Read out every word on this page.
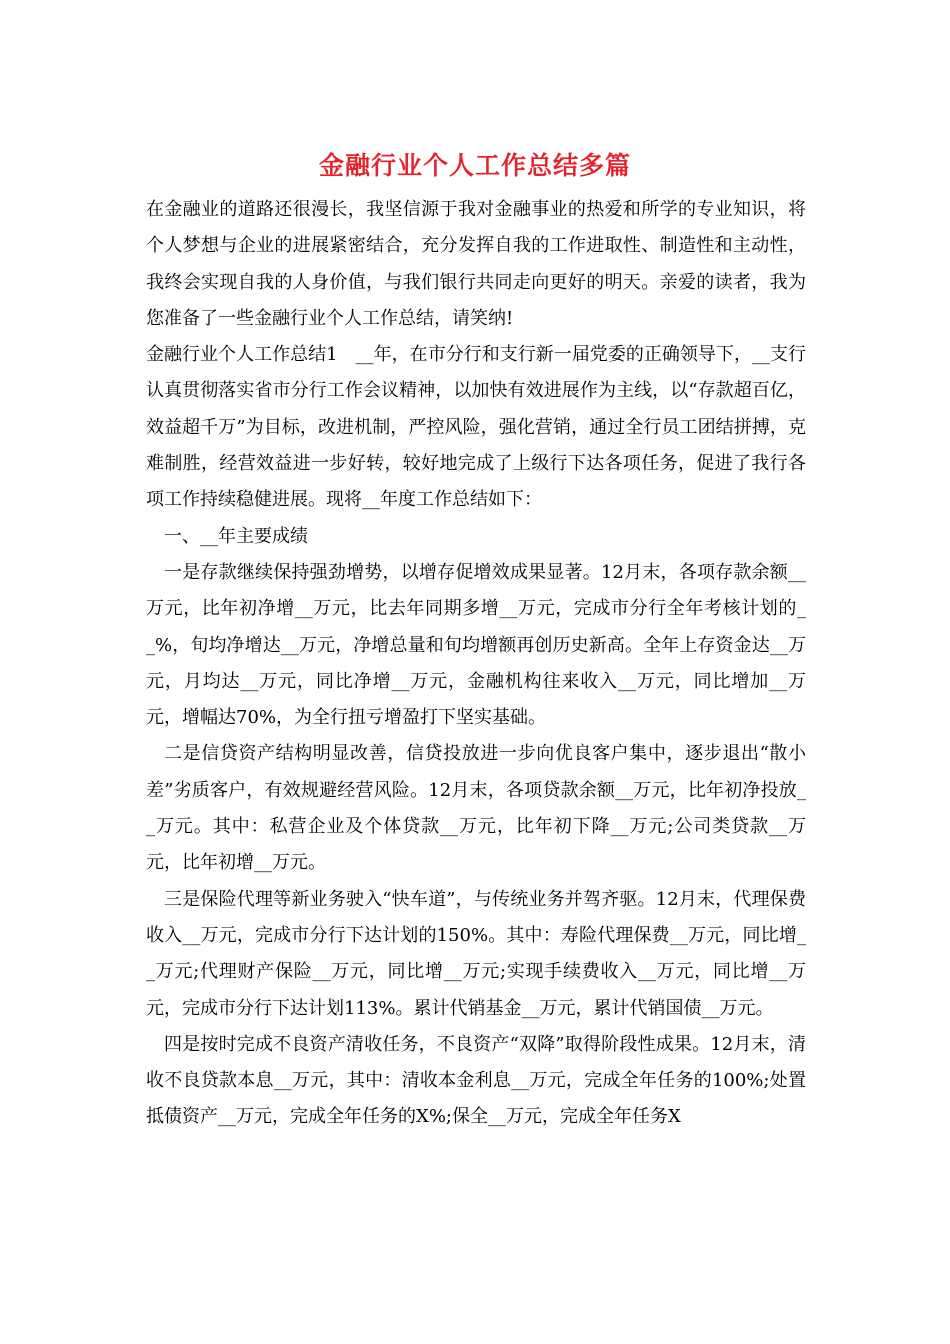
金融行业个人工作总结多篇

在金融业的道路还很漫长，我坚信源于我对金融事业的热爱和所学的专业知识，将个人梦想与企业的进展紧密结合，充分发挥自我的工作进取性、制造性和主动性，我终会实现自我的人身价值，与我们银行共同走向更好的明天。亲爱的读者，我为您准备了一些金融行业个人工作总结，请笑纳!

金融行业个人工作总结1　__年，在市分行和支行新一届党委的正确领导下，__支行认真贯彻落实省市分行工作会议精神，以加快有效进展作为主线，以“存款超百亿，效益超千万”为目标，改进机制，严控风险，强化营销，通过全行员工团结拼搏，克难制胜，经营效益进一步好转，较好地完成了上级行下达各项任务，促进了我行各项工作持续稳健进展。现将__年度工作总结如下：

一、__年主要成绩

一是存款继续保持强劲增势，以增存促增效成果显著。12月末，各项存款余额__万元，比年初净增__万元，比去年同期多增__万元，完成市分行全年考核计划的__%，旬均净增达__万元，净增总量和旬均增额再创历史新高。全年上存资金达__万元，月均达__万元，同比净增__万元，金融机构往来收入__万元，同比增加__万元，增幅达70%，为全行扭亏增盈打下坚实基础。

二是信贷资产结构明显改善，信贷投放进一步向优良客户集中，逐步退出“散小差”劣质客户，有效规避经营风险。12月末，各项贷款余额__万元，比年初净投放__万元。其中：私营企业及个体贷款__万元，比年初下降__万元;公司类贷款__万元，比年初增__万元。

三是保险代理等新业务驶入“快车道”，与传统业务并驾齐驱。12月末，代理保费收入__万元，完成市分行下达计划的150%。其中：寿险代理保费__万元，同比增__万元;代理财产保险__万元，同比增__万元;实现手续费收入__万元，同比增__万元，完成市分行下达计划113%。累计代销基金__万元，累计代销国债__万元。

四是按时完成不良资产清收任务，不良资产“双降”取得阶段性成果。12月末，清收不良贷款本息__万元，其中：清收本金利息__万元，完成全年任务的100%;处置抵债资产__万元，完成全年任务的X%;保全__万元，完成全年任务X
